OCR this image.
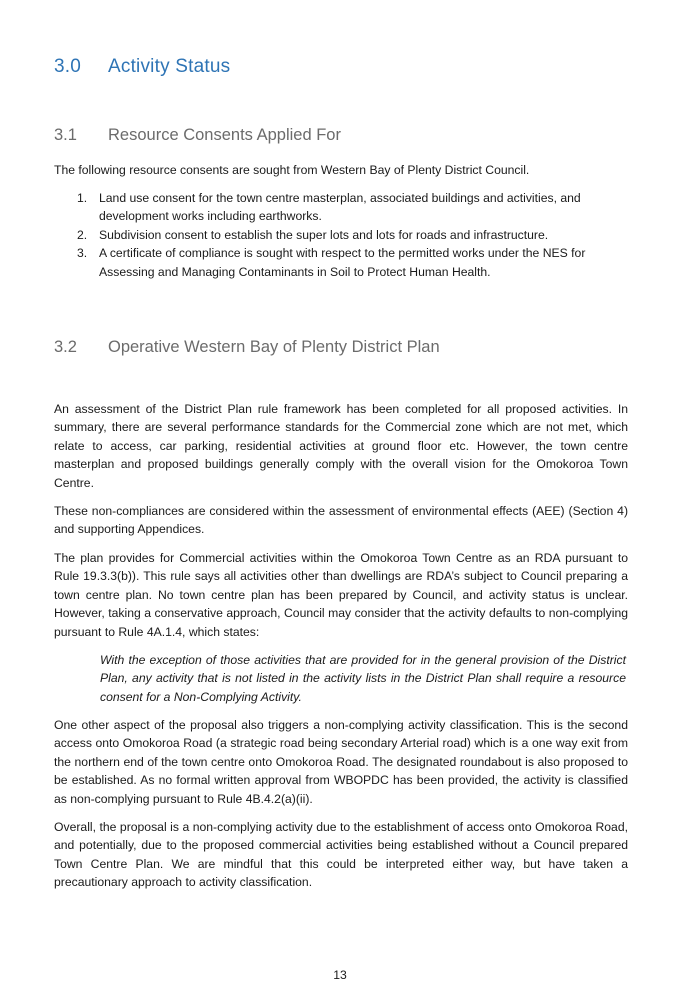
3.0 Activity Status
3.1 Resource Consents Applied For
The following resource consents are sought from Western Bay of Plenty District Council.
1. Land use consent for the town centre masterplan, associated buildings and activities, and development works including earthworks.
2. Subdivision consent to establish the super lots and lots for roads and infrastructure.
3. A certificate of compliance is sought with respect to the permitted works under the NES for Assessing and Managing Contaminants in Soil to Protect Human Health.
3.2 Operative Western Bay of Plenty District Plan
An assessment of the District Plan rule framework has been completed for all proposed activities. In summary, there are several performance standards for the Commercial zone which are not met, which relate to access, car parking, residential activities at ground floor etc. However, the town centre masterplan and proposed buildings generally comply with the overall vision for the Omokoroa Town Centre.
These non-compliances are considered within the assessment of environmental effects (AEE) (Section 4) and supporting Appendices.
The plan provides for Commercial activities within the Omokoroa Town Centre as an RDA pursuant to Rule 19.3.3(b)). This rule says all activities other than dwellings are RDA’s subject to Council preparing a town centre plan. No town centre plan has been prepared by Council, and activity status is unclear. However, taking a conservative approach, Council may consider that the activity defaults to non-complying pursuant to Rule 4A.1.4, which states:
With the exception of those activities that are provided for in the general provision of the District Plan, any activity that is not listed in the activity lists in the District Plan shall require a resource consent for a Non-Complying Activity.
One other aspect of the proposal also triggers a non-complying activity classification. This is the second access onto Omokoroa Road (a strategic road being secondary Arterial road) which is a one way exit from the northern end of the town centre onto Omokoroa Road. The designated roundabout is also proposed to be established. As no formal written approval from WBOPDC has been provided, the activity is classified as non-complying pursuant to Rule 4B.4.2(a)(ii).
Overall, the proposal is a non-complying activity due to the establishment of access onto Omokoroa Road, and potentially, due to the proposed commercial activities being established without a Council prepared Town Centre Plan. We are mindful that this could be interpreted either way, but have taken a precautionary approach to activity classification.
13
